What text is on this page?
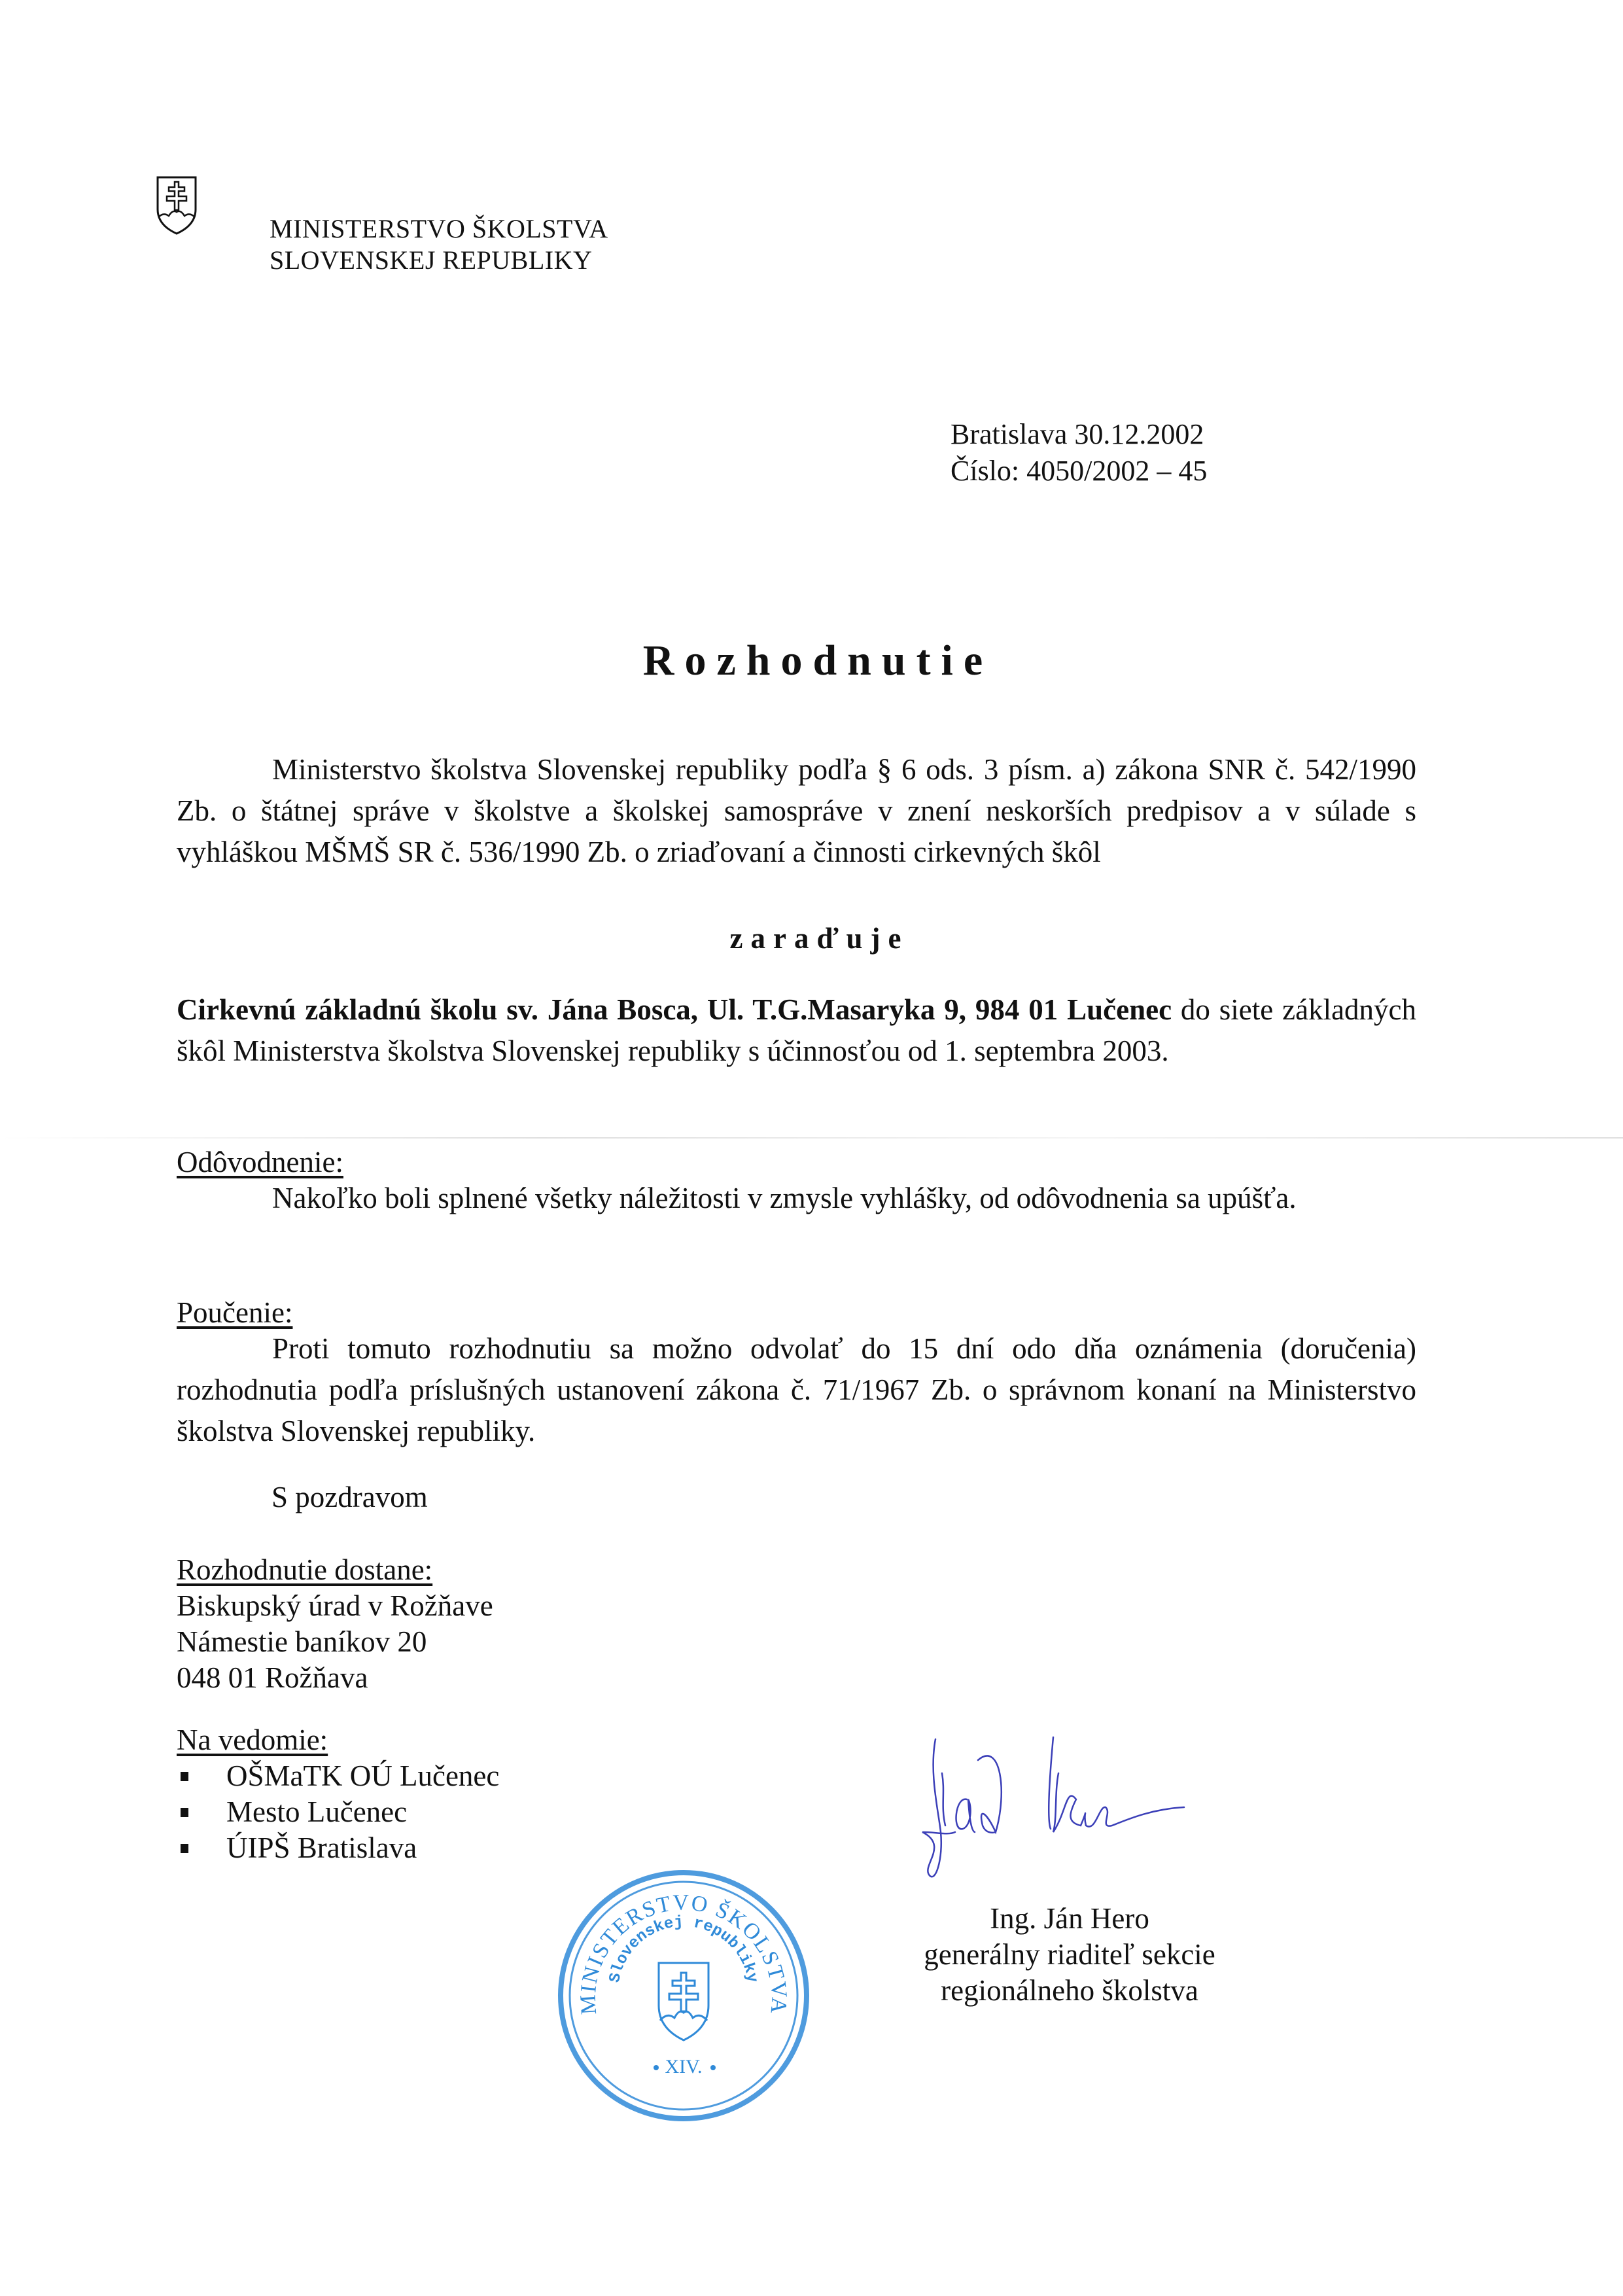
MINISTERSTVO ŠKOLSTVA
SLOVENSKEJ REPUBLIKY
Bratislava 30.12.2002
Číslo: 4050/2002 – 45
Rozhodnutie
Ministerstvo školstva Slovenskej republiky podľa § 6 ods. 3 písm. a) zákona SNR č. 542/1990 Zb. o štátnej správe v školstve a školskej samospráve v znení neskorších predpisov a v súlade s vyhláškou MŠMŠ SR č. 536/1990 Zb. o zriaďovaní a činnosti cirkevných škôl
zaraďuje
Cirkevnú základnú školu sv. Jána Bosca, Ul. T.G.Masaryka 9, 984 01 Lučenec do siete základných škôl Ministerstva školstva Slovenskej republiky s účinnosťou od 1. septembra 2003.
Odôvodnenie:
Nakoľko boli splnené všetky náležitosti v zmysle vyhlášky, od odôvodnenia sa upúšťa.
Poučenie:
Proti tomuto rozhodnutiu sa možno odvolať do 15 dní odo dňa oznámenia (doručenia) rozhodnutia podľa príslušných ustanovení zákona č. 71/1967 Zb. o správnom konaní na Ministerstvo školstva Slovenskej republiky.
S pozdravom
Rozhodnutie dostane:
Biskupský úrad v Rožňave
Námestie baníkov 20
048 01 Rožňava
Na vedomie:
OŠMaTK OÚ Lučenec
Mesto Lučenec
ÚIPŠ Bratislava
MINISTERSTVO ŠKOLSTVA
Slovenskej republiky
XIV.
Ing. Ján Hero
generálny riaditeľ sekcie
regionálneho školstva
